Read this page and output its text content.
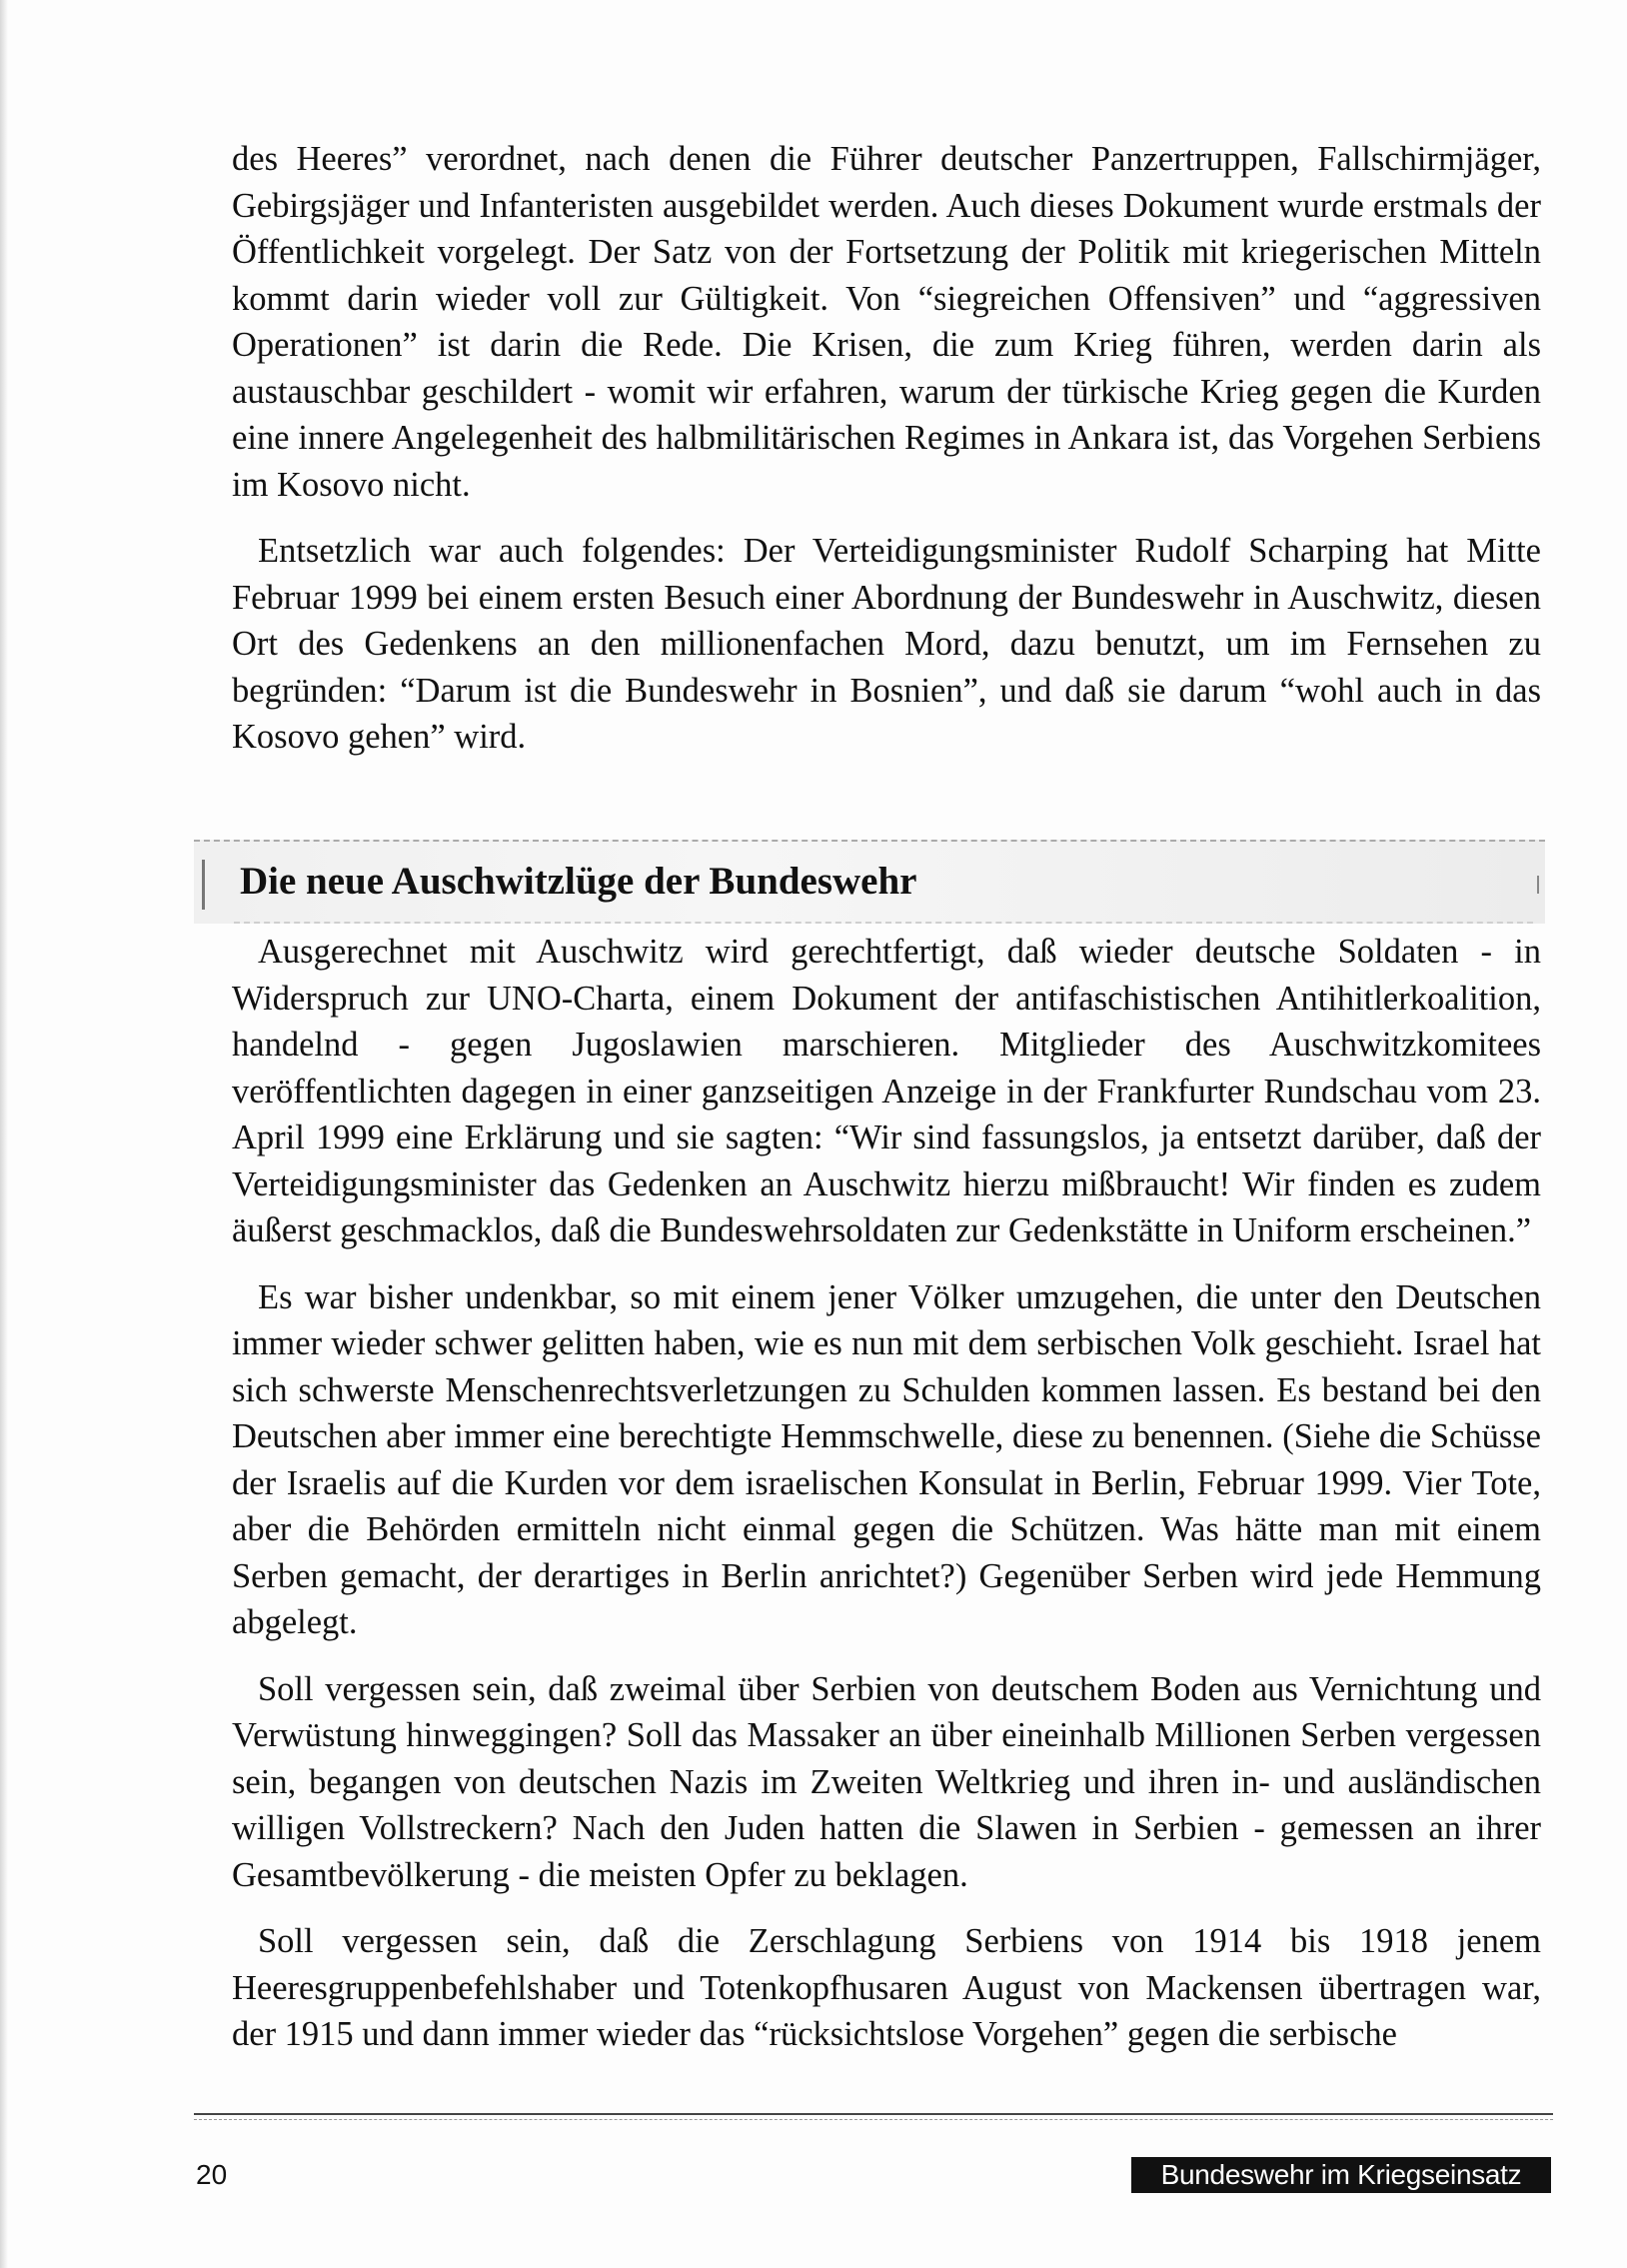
des Heeres” verordnet, nach denen die Führer deutscher Panzertruppen, Fallschirmjäger, Gebirgsjäger und Infanteristen ausgebildet werden. Auch dieses Dokument wurde erstmals der Öffentlichkeit vorgelegt. Der Satz von der Fortsetzung der Politik mit kriegerischen Mitteln kommt darin wieder voll zur Gültigkeit. Von “siegreichen Offensiven” und “aggressiven Operationen” ist darin die Rede. Die Krisen, die zum Krieg führen, werden darin als austauschbar geschildert - womit wir erfahren, warum der türkische Krieg gegen die Kurden eine innere Angelegenheit des halbmilitärischen Regimes in Ankara ist, das Vorgehen Serbiens im Kosovo nicht.

Entsetzlich war auch folgendes: Der Verteidigungsminister Rudolf Scharping hat Mitte Februar 1999 bei einem ersten Besuch einer Abordnung der Bundeswehr in Auschwitz, diesen Ort des Gedenkens an den millionenfachen Mord, dazu benutzt, um im Fernsehen zu begründen: “Darum ist die Bundeswehr in Bosnien”, und daß sie darum “wohl auch in das Kosovo gehen” wird.

Die neue Auschwitzlüge der Bundeswehr

Ausgerechnet mit Auschwitz wird gerechtfertigt, daß wieder deutsche Soldaten - in Widerspruch zur UNO-Charta, einem Dokument der antifaschistischen Antihitlerkoalition, handelnd - gegen Jugoslawien marschieren. Mitglieder des Auschwitzkomitees veröffentlichten dagegen in einer ganzseitigen Anzeige in der Frankfurter Rundschau vom 23. April 1999 eine Erklärung und sie sagten: “Wir sind fassungslos, ja entsetzt darüber, daß der Verteidigungsminister das Gedenken an Auschwitz hierzu mißbraucht! Wir finden es zudem äußerst geschmacklos, daß die Bundeswehrsoldaten zur Gedenkstätte in Uniform erscheinen.”

Es war bisher undenkbar, so mit einem jener Völker umzugehen, die unter den Deutschen immer wieder schwer gelitten haben, wie es nun mit dem serbischen Volk geschieht. Israel hat sich schwerste Menschenrechtsverletzungen zu Schulden kommen lassen. Es bestand bei den Deutschen aber immer eine berechtigte Hemmschwelle, diese zu benennen. (Siehe die Schüsse der Israelis auf die Kurden vor dem israelischen Konsulat in Berlin, Februar 1999. Vier Tote, aber die Behörden ermitteln nicht einmal gegen die Schützen. Was hätte man mit einem Serben gemacht, der derartiges in Berlin anrichtet?) Gegenüber Serben wird jede Hemmung abgelegt.

Soll vergessen sein, daß zweimal über Serbien von deutschem Boden aus Vernichtung und Verwüstung hinweggingen? Soll das Massaker an über eineinhalb Millionen Serben vergessen sein, begangen von deutschen Nazis im Zweiten Weltkrieg und ihren in- und ausländischen willigen Vollstreckern? Nach den Juden hatten die Slawen in Serbien - gemessen an ihrer Gesamtbevölkerung - die meisten Opfer zu beklagen.

Soll vergessen sein, daß die Zerschlagung Serbiens von 1914 bis 1918 jenem Heeresgruppenbefehlshaber und Totenkopfhusaren August von Mackensen übertragen war, der 1915 und dann immer wieder das “rücksichtslose Vorgehen” gegen die serbische

20	Bundeswehr im Kriegseinsatz
